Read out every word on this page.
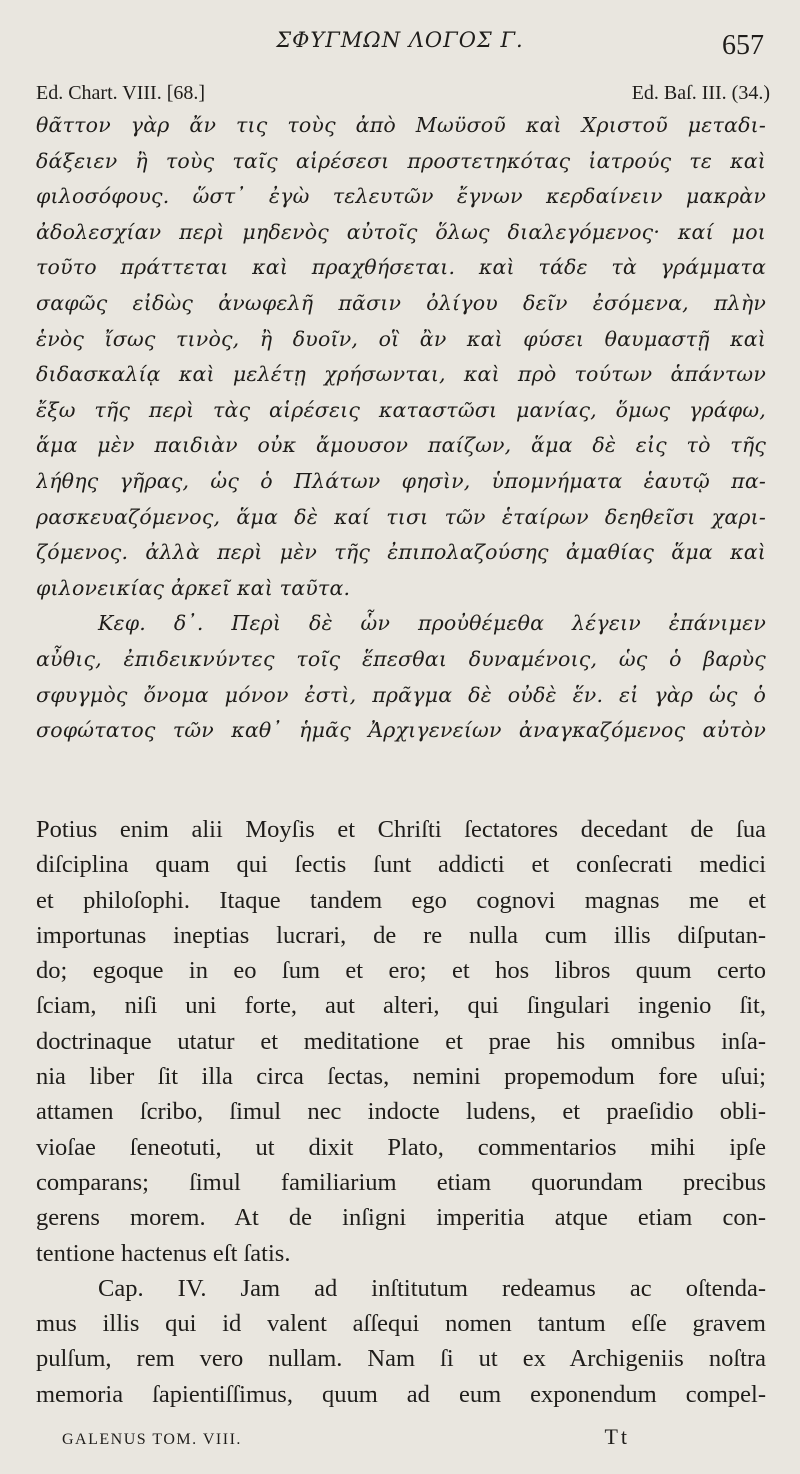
ΣΦΥΓΜΩΝ ΛΟΓΟΣ Γ.	657
Ed. Chart. VIII. [68.]	Ed. Baſ. III. (34.)
θᾶττον γὰρ ἄν τις τοὺς ἀπὸ Μωϋσοῦ καὶ Χριστοῦ μεταδι-
δάξειεν ἢ τοὺς ταῖς αἱρέσεσι προστετηκότας ἰατρούς τε καὶ
φιλοσόφους. ὥστ᾽ ἐγὼ τελευτῶν ἔγνων κερδαίνειν μακρὰν
ἀδολεσχίαν περὶ μηδενὸς αὐτοῖς ὅλως διαλεγόμενος· καί μοι
τοῦτο πράττεται καὶ πραχθήσεται. καὶ τάδε τὰ γράμματα
σαφῶς εἰδὼς ἀνωφελῆ πᾶσιν ὀλίγου δεῖν ἐσόμενα, πλὴν
ἑνὸς ἴσως τινὸς, ἢ δυοῖν, οἳ ἂν καὶ φύσει θαυμαστῇ καὶ
διδασκαλίᾳ καὶ μελέτῃ χρήσωνται, καὶ πρὸ τούτων ἁπάντων
ἔξω τῆς περὶ τὰς αἱρέσεις καταστῶσι μανίας, ὅμως γράφω,
ἅμα μὲν παιδιὰν οὐκ ἄμουσον παίζων, ἅμα δὲ εἰς τὸ τῆς
λήθης γῆρας, ὡς ὁ Πλάτων φησὶν, ὑπομνήματα ἑαυτῷ πα-
ρασκευαζόμενος, ἅμα δὲ καί τισι τῶν ἑταίρων δεηθεῖσι χαρι-
ζόμενος. ἀλλὰ περὶ μὲν τῆς ἐπιπολαζούσης ἀμαθίας ἅμα καὶ
φιλονεικίας ἀρκεῖ καὶ ταῦτα.
Κεφ. δ᾽. Περὶ δὲ ὧν προὐθέμεθα λέγειν ἐπάνιμεν
αὖθις, ἐπιδεικνύντες τοῖς ἕπεσθαι δυναμένοις, ὡς ὁ βαρὺς
σφυγμὸς ὄνομα μόνον ἐστὶ, πρᾶγμα δὲ οὐδὲ ἕν. εἰ γὰρ ὡς ὁ
σοφώτατος τῶν καθ᾽ ἡμᾶς Ἀρχιγενείων ἀναγκαζόμενος αὐτὸν
Potius enim alii Moyſis et Chriſti ſectatores decedant de ſua
diſciplina quam qui ſectis ſunt addicti et conſecrati medici
et philoſophi. Itaque tandem ego cognovi magnas me et
importunas ineptias lucrari, de re nulla cum illis diſputan-
do; egoque in eo ſum et ero; et hos libros quum certo
ſciam, niſi uni forte, aut alteri, qui ſingulari ingenio ſit,
doctrinaque utatur et meditatione et prae his omnibus inſa-
nia liber ſit illa circa ſectas, nemini propemodum fore uſui;
attamen ſcribo, ſimul nec indocte ludens, et praeſidio obli-
vioſae ſeneotuti, ut dixit Plato, commentarios mihi ipſe
comparans; ſimul familiarium etiam quorundam precibus
gerens morem. At de inſigni imperitia atque etiam con-
tentione hactenus eſt ſatis.
Cap. IV. Jam ad inſtitutum redeamus ac oſtenda-
mus illis qui id valent aſſequi nomen tantum eſſe gravem
pulſum, rem vero nullam. Nam ſi ut ex Archigeniis noſtra
memoria ſapientiſſimus, quum ad eum exponendum compel-
GALENUS TOM. VIII.	Tt
